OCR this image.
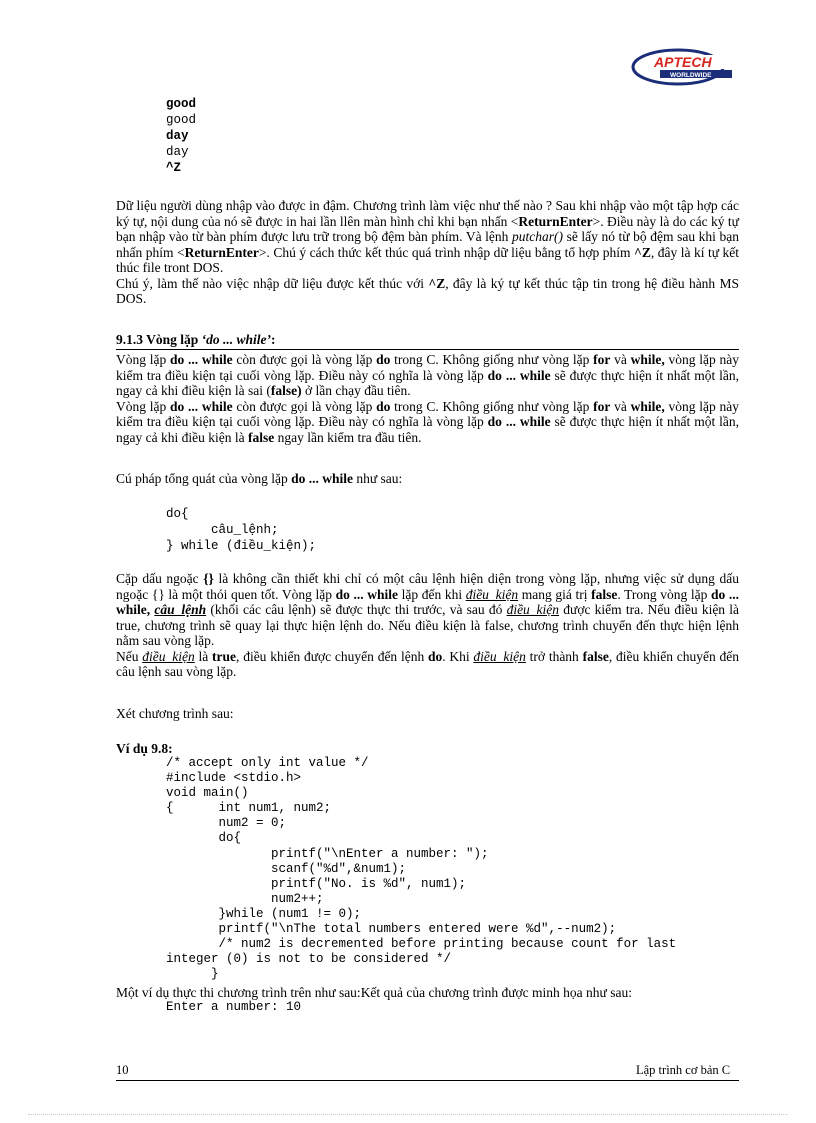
APTECH
WORLDWIDE
good
good
day
day
^Z

Dữ liệu người dùng nhập vào được in đậm. Chương trình làm việc như thế nào ? Sau khi nhập vào một tập hợp các ký tự, nội dung của nó sẽ được in hai lần llên màn hình chỉ khi bạn nhấn <ReturnEnter>. Điều này là do các ký tự bạn nhập vào từ bàn phím được lưu trữ trong bộ đệm bàn phím. Và lệnh putchar() sẽ lấy nó từ bộ đệm sau khi bạn nhấn phím <ReturnEnter>. Chú ý cách thức kết thúc quá trình nhập dữ liệu bằng tổ hợp phím ^Z, đây là kí tự kết thúc file tront DOS.

Chú ý, làm thế nào việc nhập dữ liệu được kết thúc với ^Z, đây là ký tự kết thúc tập tin trong hệ điều hành MS DOS.

9.1.3 Vòng lặp ‘do ... while’:

Vòng lặp do ... while còn được gọi là vòng lặp do trong C. Không giống như vòng lặp for và while, vòng lặp này kiểm tra điều kiện tại cuối vòng lặp. Điều này có nghĩa là vòng lặp do ... while sẽ được thực hiện ít nhất một lần, ngay cả khi điều kiện là sai (false) ở lần chạy đầu tiên.

Vòng lặp do ... while còn được gọi là vòng lặp do trong C. Không giống như vòng lặp for và while, vòng lặp này kiểm tra điều kiện tại cuối vòng lặp. Điều này có nghĩa là vòng lặp do ... while sẽ được thực hiện ít nhất một lần, ngay cả khi điều kiện là false ngay lần kiểm tra đầu tiên.

Cú pháp tổng quát của vòng lặp do ... while như sau:

do{
câu_lệnh;
} while (điều_kiện);

Cặp dấu ngoặc {} là không cần thiết khi chỉ có một câu lệnh hiện diện trong vòng lặp, nhưng việc sử dụng dấu ngoặc {} là một thói quen tốt. Vòng lặp do ... while lặp đến khi điều_kiện mang giá trị false. Trong vòng lặp do ... while, câu_lệnh (khối các câu lệnh) sẽ được thực thi trước, và sau đó điều_kiện được kiểm tra. Nếu điều kiện là true, chương trình sẽ quay lại thực hiện lệnh do. Nếu điều kiện là false, chương trình chuyển đến thực hiện lệnh nằm sau vòng lặp.

Nếu điều_kiện là true, điều khiển được chuyển đến lệnh do. Khi điều_kiện trở thành false, điều khiển chuyển đến câu lệnh sau vòng lặp.

Xét chương trình sau:

Ví dụ 9.8:
/* accept only int value */
#include <stdio.h>
void main()
{      int num1, num2;
num2 = 0;
do{
printf("\nEnter a number: ");
scanf("%d",&num1);
printf("No. is %d", num1);
num2++;
}while (num1 != 0);
printf("\nThe total numbers entered were %d",--num2);
/* num2 is decremented before printing because count for last
integer (0) is not to be considered */
}

Một ví dụ thực thi chương trình trên như sau:Kết quả của chương trình được minh họa như sau:

Enter a number: 10
10	Lập trình cơ bản C
